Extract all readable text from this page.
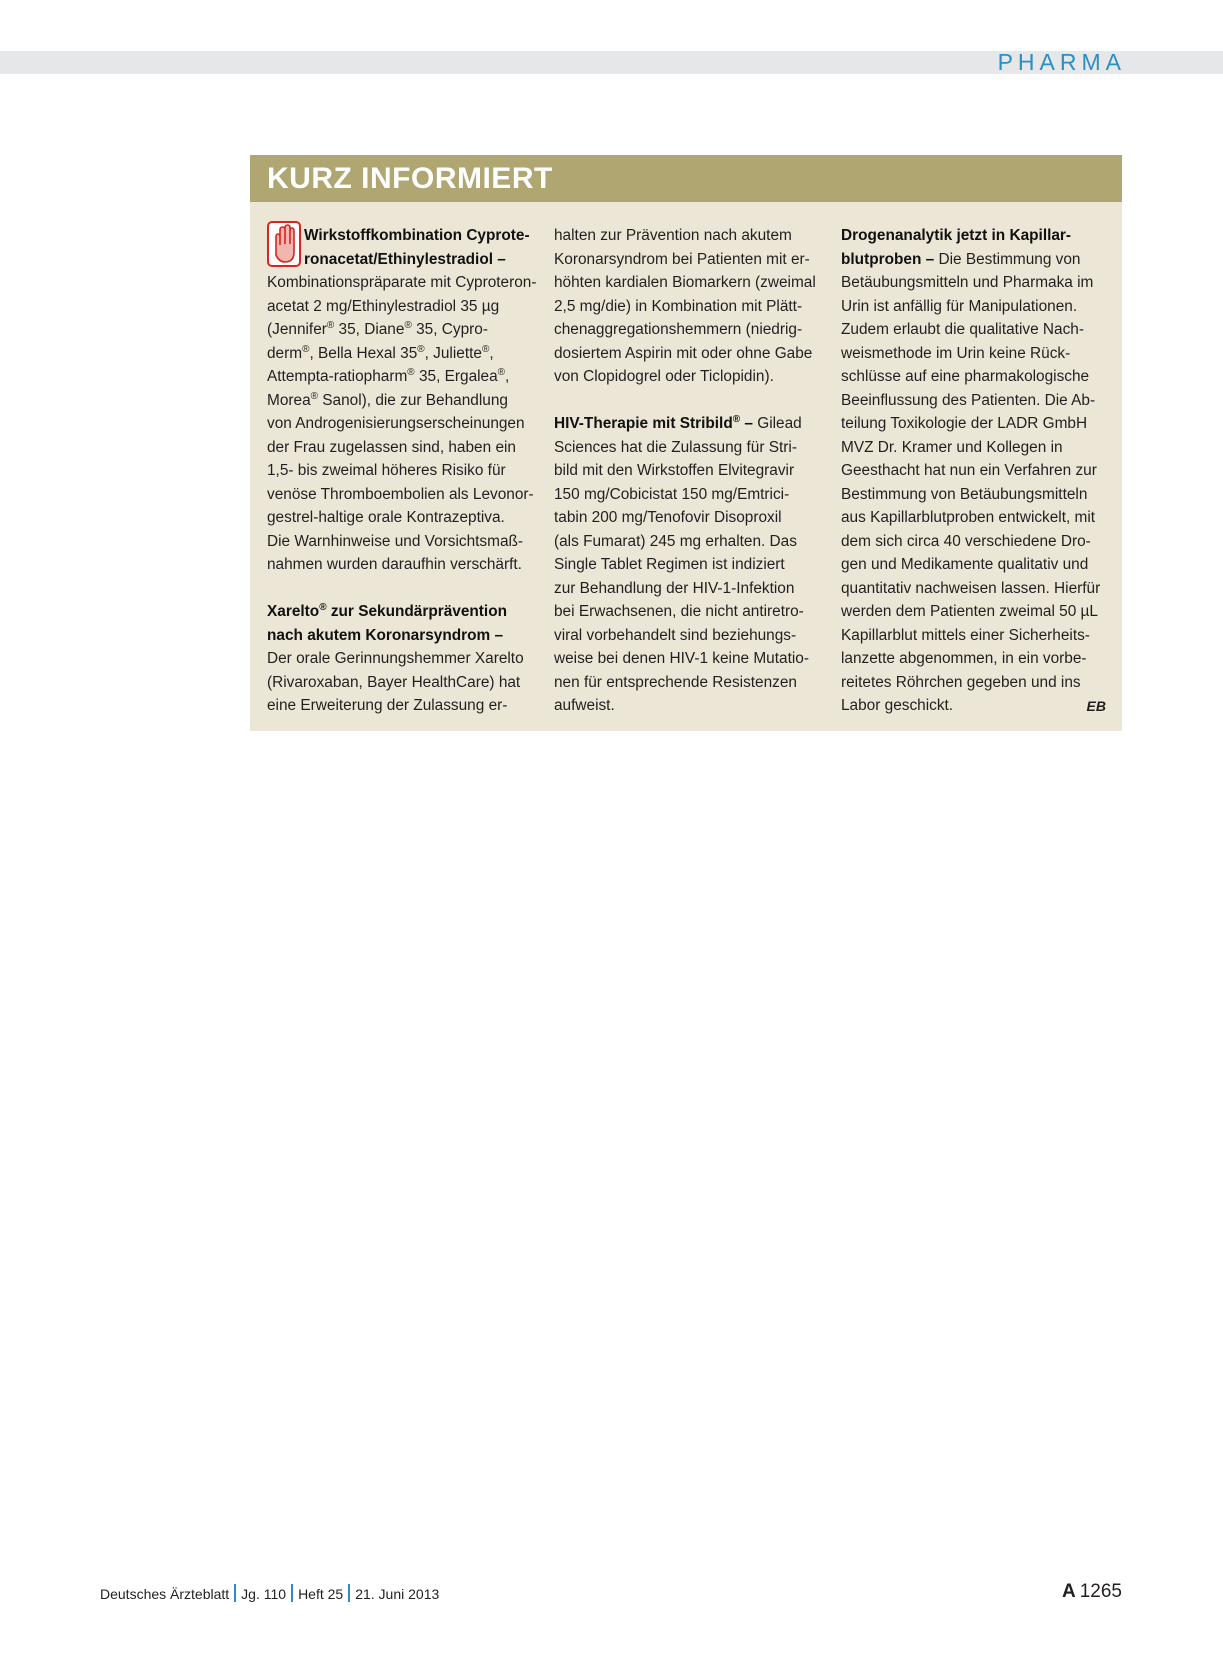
PHARMA
KURZ INFORMIERT
Wirkstoffkombination Cyprote-
ronacetat/Ethinylestradiol –
Kombinationspräparate mit Cyproteron-
acetat 2 mg/Ethinylestradiol 35 µg
(Jennifer® 35, Diane® 35, Cypro-
derm®, Bella Hexal 35®, Juliette®,
Attempta-ratiopharm® 35, Ergalea®,
Morea® Sanol), die zur Behandlung
von Androgenisierungserscheinungen
der Frau zugelassen sind, haben ein
1,5- bis zweimal höheres Risiko für
venöse Thromboembolien als Levonor-
gestrel-haltige orale Kontrazeptiva.
Die Warnhinweise und Vorsichtsmaß-
nahmen wurden daraufhin verschärft.
Xarelto® zur Sekundärprävention
nach akutem Koronarsyndrom –
Der orale Gerinnungshemmer Xarelto
(Rivaroxaban, Bayer HealthCare) hat
eine Erweiterung der Zulassung er-
halten zur Prävention nach akutem
Koronarsyndrom bei Patienten mit er-
höhten kardialen Biomarkern (zweimal
2,5 mg/die) in Kombination mit Plätt-
chenaggregationshemmern (niedrig-
dosiertem Aspirin mit oder ohne Gabe
von Clopidogrel oder Ticlopidin).
HIV-Therapie mit Stribild® – Gilead
Sciences hat die Zulassung für Stri-
bild mit den Wirkstoffen Elvitegravir
150 mg/Cobicistat 150 mg/Emtrici-
tabin 200 mg/Tenofovir Disoproxil
(als Fumarat) 245 mg erhalten. Das
Single Tablet Regimen ist indiziert
zur Behandlung der HIV-1-Infektion
bei Erwachsenen, die nicht antiretro-
viral vorbehandelt sind beziehungs-
weise bei denen HIV-1 keine Mutatio-
nen für entsprechende Resistenzen
aufweist.
Drogenanalytik jetzt in Kapillar-
blutproben – Die Bestimmung von
Betäubungsmitteln und Pharmaka im
Urin ist anfällig für Manipulationen.
Zudem erlaubt die qualitative Nach-
weismethode im Urin keine Rück-
schlüsse auf eine pharmakologische
Beeinflussung des Patienten. Die Ab-
teilung Toxikologie der LADR GmbH
MVZ Dr. Kramer und Kollegen in
Geesthacht hat nun ein Verfahren zur
Bestimmung von Betäubungsmitteln
aus Kapillarblutproben entwickelt, mit
dem sich circa 40 verschiedene Dro-
gen und Medikamente qualitativ und
quantitativ nachweisen lassen. Hierfür
werden dem Patienten zweimal 50 µL
Kapillarblut mittels einer Sicherheits-
lanzette abgenommen, in ein vorbe-
reitetes Röhrchen gegeben und ins
Labor geschickt.	EB
Deutsches Ärzteblatt Jg. 110 Heft 25 21. Juni 2013	A 1265
